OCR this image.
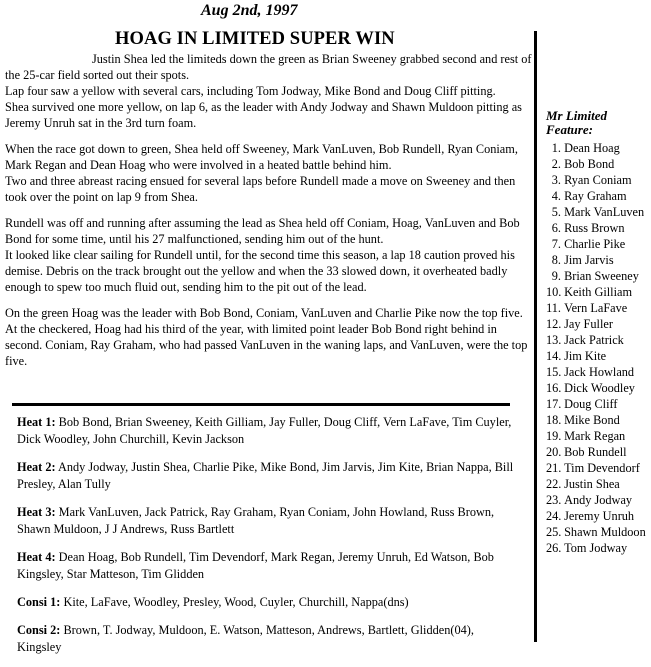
Aug 2nd, 1997
HOAG IN LIMITED SUPER WIN

Justin Shea led the limiteds down the green as Brian Sweeney grabbed second and rest of the 25-car field sorted out their spots.
Lap four saw a yellow with several cars, including Tom Jodway, Mike Bond and Doug Cliff pitting.
Shea survived one more yellow, on lap 6, as the leader with Andy Jodway and Shawn Muldoon pitting as Jeremy Unruh sat in the 3rd turn foam.

When the race got down to green, Shea held off Sweeney, Mark VanLuven, Bob Rundell, Ryan Coniam, Mark Regan and Dean Hoag who were involved in a heated battle behind him.
Two and three abreast racing ensued for several laps before Rundell made a move on Sweeney and then took over the point on lap 9 from Shea.

Rundell was off and running after assuming the lead as Shea held off Coniam, Hoag, VanLuven and Bob Bond for some time, until his 27 malfunctioned, sending him out of the hunt.
It looked like clear sailing for Rundell until, for the second time this season, a lap 18 caution proved his demise. Debris on the track brought out the yellow and when the 33 slowed down, it overheated badly enough to spew too much fluid out, sending him to the pit out of the lead.

On the green Hoag was the leader with Bob Bond, Coniam, VanLuven and Charlie Pike now the top five.
At the checkered, Hoag had his third of the year, with limited point leader Bob Bond right behind in second. Coniam, Ray Graham, who had passed VanLuven in the waning laps, and VanLuven, were the top five.

Heat 1: Bob Bond, Brian Sweeney, Keith Gilliam, Jay Fuller, Doug Cliff, Vern LaFave, Tim Cuyler, Dick Woodley, John Churchill, Kevin Jackson
Heat 2: Andy Jodway, Justin Shea, Charlie Pike, Mike Bond, Jim Jarvis, Jim Kite, Brian Nappa, Bill Presley, Alan Tully
Heat 3: Mark VanLuven, Jack Patrick, Ray Graham, Ryan Coniam, John Howland, Russ Brown, Shawn Muldoon, J J Andrews, Russ Bartlett
Heat 4: Dean Hoag, Bob Rundell, Tim Devendorf, Mark Regan, Jeremy Unruh, Ed Watson, Bob Kingsley, Star Matteson, Tim Glidden
Consi 1: Kite, LaFave, Woodley, Presley, Wood, Cuyler, Churchill, Nappa(dns)
Consi 2: Brown, T. Jodway, Muldoon, E. Watson, Matteson, Andrews, Bartlett, Glidden(04), Kingsley
Mr Limited
Feature:
1. Dean Hoag
2. Bob Bond
3. Ryan Coniam
4. Ray Graham
5. Mark VanLuven
6. Russ Brown
7. Charlie Pike
8. Jim Jarvis
9. Brian Sweeney
10. Keith Gilliam
11. Vern LaFave
12. Jay Fuller
13. Jack Patrick
14. Jim Kite
15. Jack Howland
16. Dick Woodley
17. Doug Cliff
18. Mike Bond
19. Mark Regan
20. Bob Rundell
21. Tim Devendorf
22. Justin Shea
23. Andy Jodway
24. Jeremy Unruh
25. Shawn Muldoon
26. Tom Jodway
